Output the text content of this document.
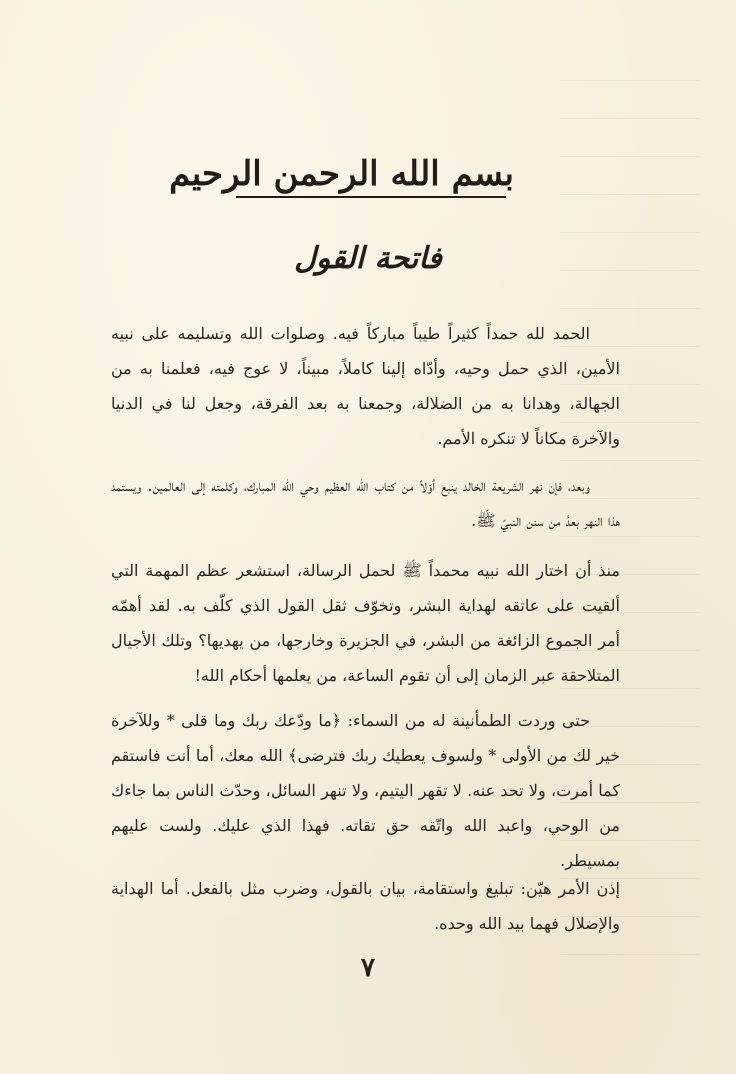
بسم الله الرحمن الرحيم
فاتحة القول

الحمد لله حمداً كثيراً طيباً مباركاً فيه. وصلوات الله وتسليمه على نبيه الأمين، الذي حمل وحيه، وأدّاه إلينا كاملاً، مبيناً، لا عوج فيه، فعلمنا به من الجهالة، وهدانا به من الضلالة، وجمعنا به بعد الفرقة، وجعل لنا في الدنيا والآخرة مكاناً لا تنكره الأمم.

وبعد، فإن نهر الشريعة الخالد ينبع أوّلاً من كتاب الله العظيم وحي الله المبارك، وكلمته إلى العالمين. ويستمد هذا النهر بعدُ من سنن النبيّ ﷺ.

منذ أن اختار الله نبيه محمداً ﷺ لحمل الرسالة، استشعر عظم المهمة التي ألقيت على عاتقه لهداية البشر، وتخوّف ثقل القول الذي كلّف به. لقد أهمّه أمر الجموع الزائغة من البشر، في الجزيرة وخارجها، من يهديها؟ وتلك الأجيال المتلاحقة عبر الزمان إلى أن تقوم الساعة، من يعلمها أحكام الله!

حتى وردت الطمأنينة له من السماء: ﴿ما ودّعك ربك وما قلى * وللآخرة خير لك من الأولى * ولسوف يعطيك ربك فترضى﴾ الله معك، أما أنت فاستقم كما أمرت، ولا تحد عنه. لا تقهر اليتيم، ولا تنهر السائل، وحدّث الناس بما جاءك من الوحي، واعبد الله واتّقه حق تقاته. فهذا الذي عليك. ولست عليهم بمسيطر.

إذن الأمر هيّن: تبليغ واستقامة، بيان بالقول، وضرب مثل بالفعل. أما الهداية والإضلال فهما بيد الله وحده.

٧
